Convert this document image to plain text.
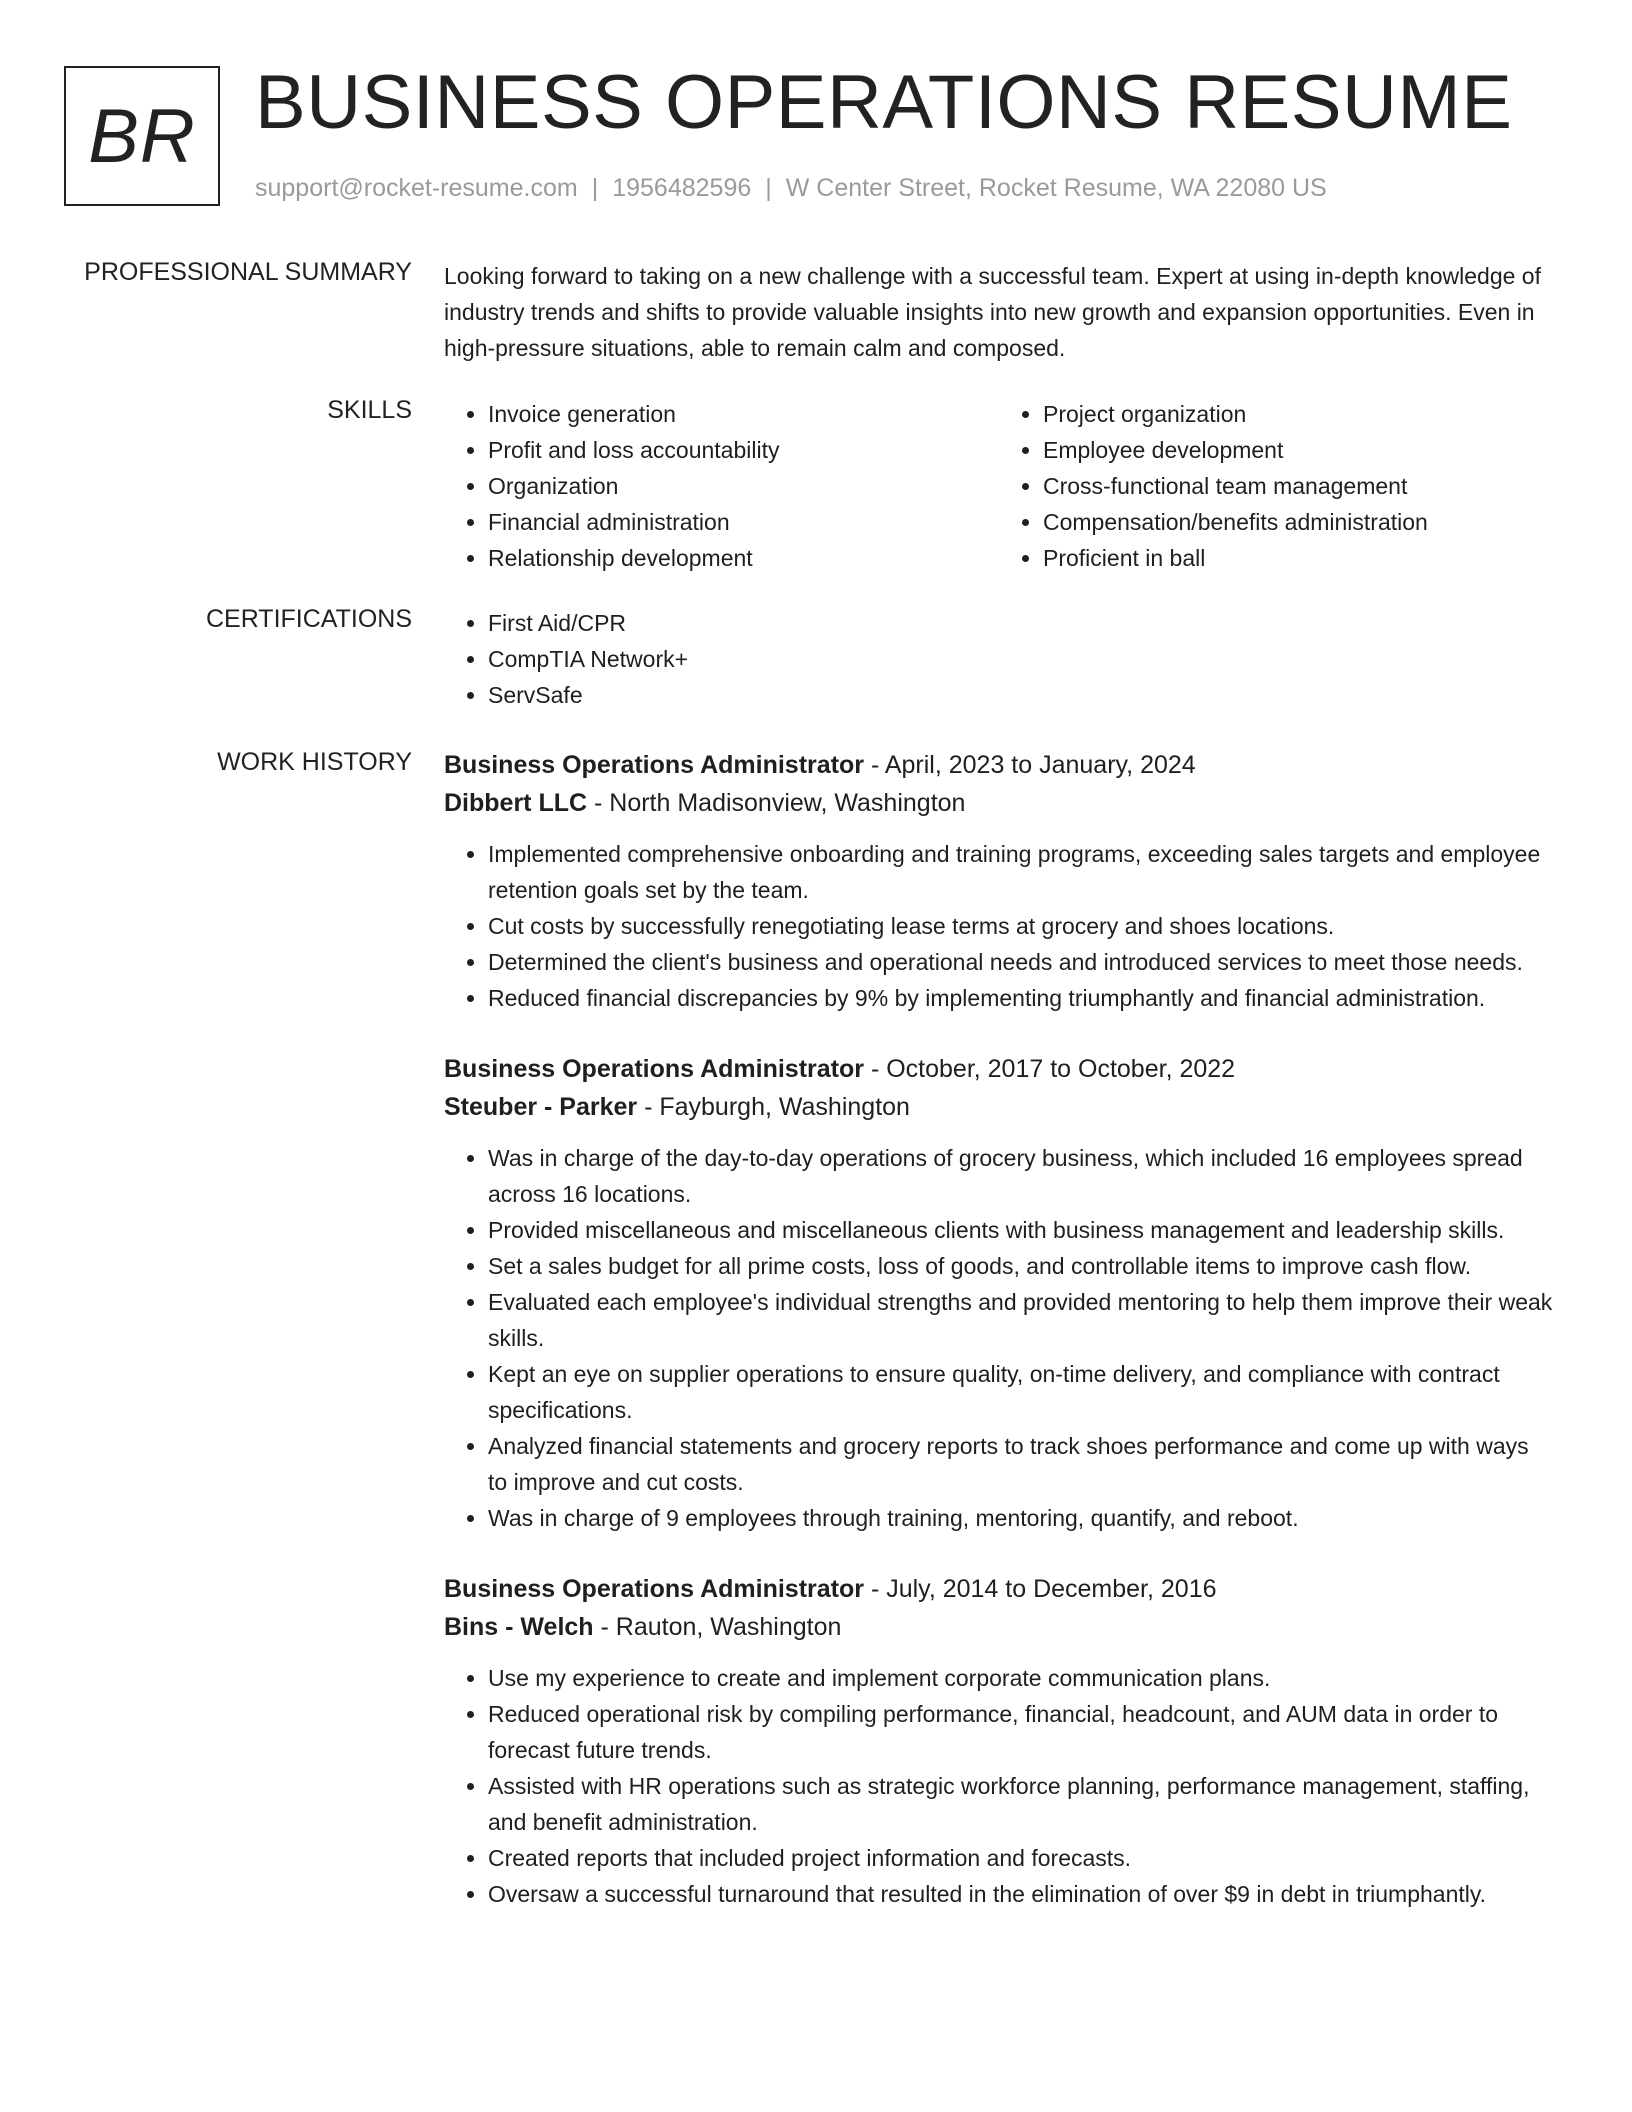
BR BUSINESS OPERATIONS RESUME
support@rocket-resume.com | 1956482596 | W Center Street, Rocket Resume, WA 22080 US
PROFESSIONAL SUMMARY Looking forward to taking on a new challenge with a successful team. Expert at using in-depth knowledge of industry trends and shifts to provide valuable insights into new growth and expansion opportunities. Even in high-pressure situations, able to remain calm and composed.

SKILLS	• Invoice generation
• Profit and loss accountability
• Organization
• Financial administration
• Relationship development
• Project organization
• Employee development
• Cross-functional team management
• Compensation/benefits administration
• Proficient in ball
CERTIFICATIONS	• First Aid/CPR
• CompTIA Network+
• ServSafe
WORK HISTORY Business Operations Administrator - April, 2023 to January, 2024
Dibbert LLC - North Madisonview, Washington
• Implemented comprehensive onboarding and training programs, exceeding sales targets and employee retention goals set by the team.
• Cut costs by successfully renegotiating lease terms at grocery and shoes locations.
• Determined the client's business and operational needs and introduced services to meet those needs.
• Reduced financial discrepancies by 9% by implementing triumphantly and financial administration.
Business Operations Administrator - October, 2017 to October, 2022
Steuber - Parker - Fayburgh, Washington
• Was in charge of the day-to-day operations of grocery business, which included 16 employees spread across 16 locations.
• Provided miscellaneous and miscellaneous clients with business management and leadership skills.
• Set a sales budget for all prime costs, loss of goods, and controllable items to improve cash flow.
• Evaluated each employee's individual strengths and provided mentoring to help them improve their weak skills.
• Kept an eye on supplier operations to ensure quality, on-time delivery, and compliance with contract specifications.
• Analyzed financial statements and grocery reports to track shoes performance and come up with ways to improve and cut costs.
• Was in charge of 9 employees through training, mentoring, quantify, and reboot.
Business Operations Administrator - July, 2014 to December, 2016
Bins - Welch - Rauton, Washington
• Use my experience to create and implement corporate communication plans.
• Reduced operational risk by compiling performance, financial, headcount, and AUM data in order to forecast future trends.
• Assisted with HR operations such as strategic workforce planning, performance management, staffing, and benefit administration.
• Created reports that included project information and forecasts.
• Oversaw a successful turnaround that resulted in the elimination of over $9 in debt in triumphantly.
